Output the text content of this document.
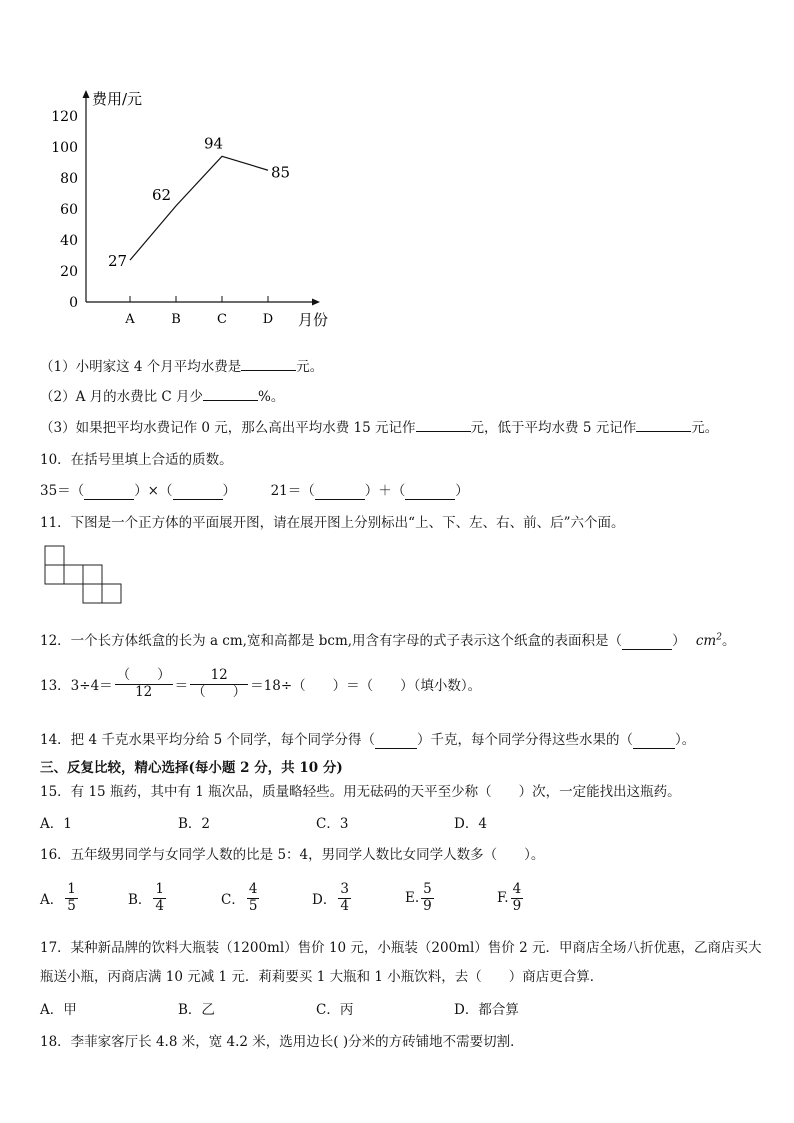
费用/元
月份
0
20
40
60
80
100
120
A	B	C	D
27
62
94
85
（1）小明家这 4 个月平均水费是	元。
（2）A 月的水费比 C 月少	%。
（3）如果把平均水费记作 0 元，那么高出平均水费 15 元记作	元，低于平均水费 5 元记作	元。
10．在括号里填上合适的质数。
35＝（	）×（	）	21＝（	）＋（	）
11．下图是一个正方体的平面展开图，请在展开图上分别标出“上、下、左、右、前、后”六个面。
12．一个长方体纸盒的长为 a cm,宽和高都是 bcm,用含有字母的式子表示这个纸盒的表面积是（	） $cm^2$。
13．$3\div 4= \frac{( )}{12} = \frac{12}{( )} =18\div$（　　）＝（　　）（填小数）。
14．把 4 千克水果平均分给 5 个同学，每个同学分得（	）千克，每个同学分得这些水果的（	）。
三、反复比较，精心选择(每小题 2 分，共 10 分)
15．有 15 瓶药，其中有 1 瓶次品，质量略轻些。用无砝码的天平至少称（　　）次，一定能找出这瓶药。
A．1	B．2	C．3	D．4
16．五年级男同学与女同学人数的比是 5：4，男同学人数比女同学人数多（　　）。
A． $\frac{1}{5}$	B． $\frac{1}{4}$	C． $\frac{4}{5}$	D． $\frac{3}{4}$	E. $\frac{5}{9}$	F. $\frac{4}{9}$
17．某种新品牌的饮料大瓶装（1200ml）售价 10 元，小瓶装（200ml）售价 2 元．甲商店全场八折优惠，乙商店买大
瓶送小瓶，丙商店满 10 元减 1 元．莉莉要买 1 大瓶和 1 小瓶饮料，去（　　）商店更合算．
A．甲	B．乙	C．丙	D．都合算
18．李菲家客厅长 4.8 米，宽 4.2 米，选用边长( )分米的方砖铺地不需要切割．
